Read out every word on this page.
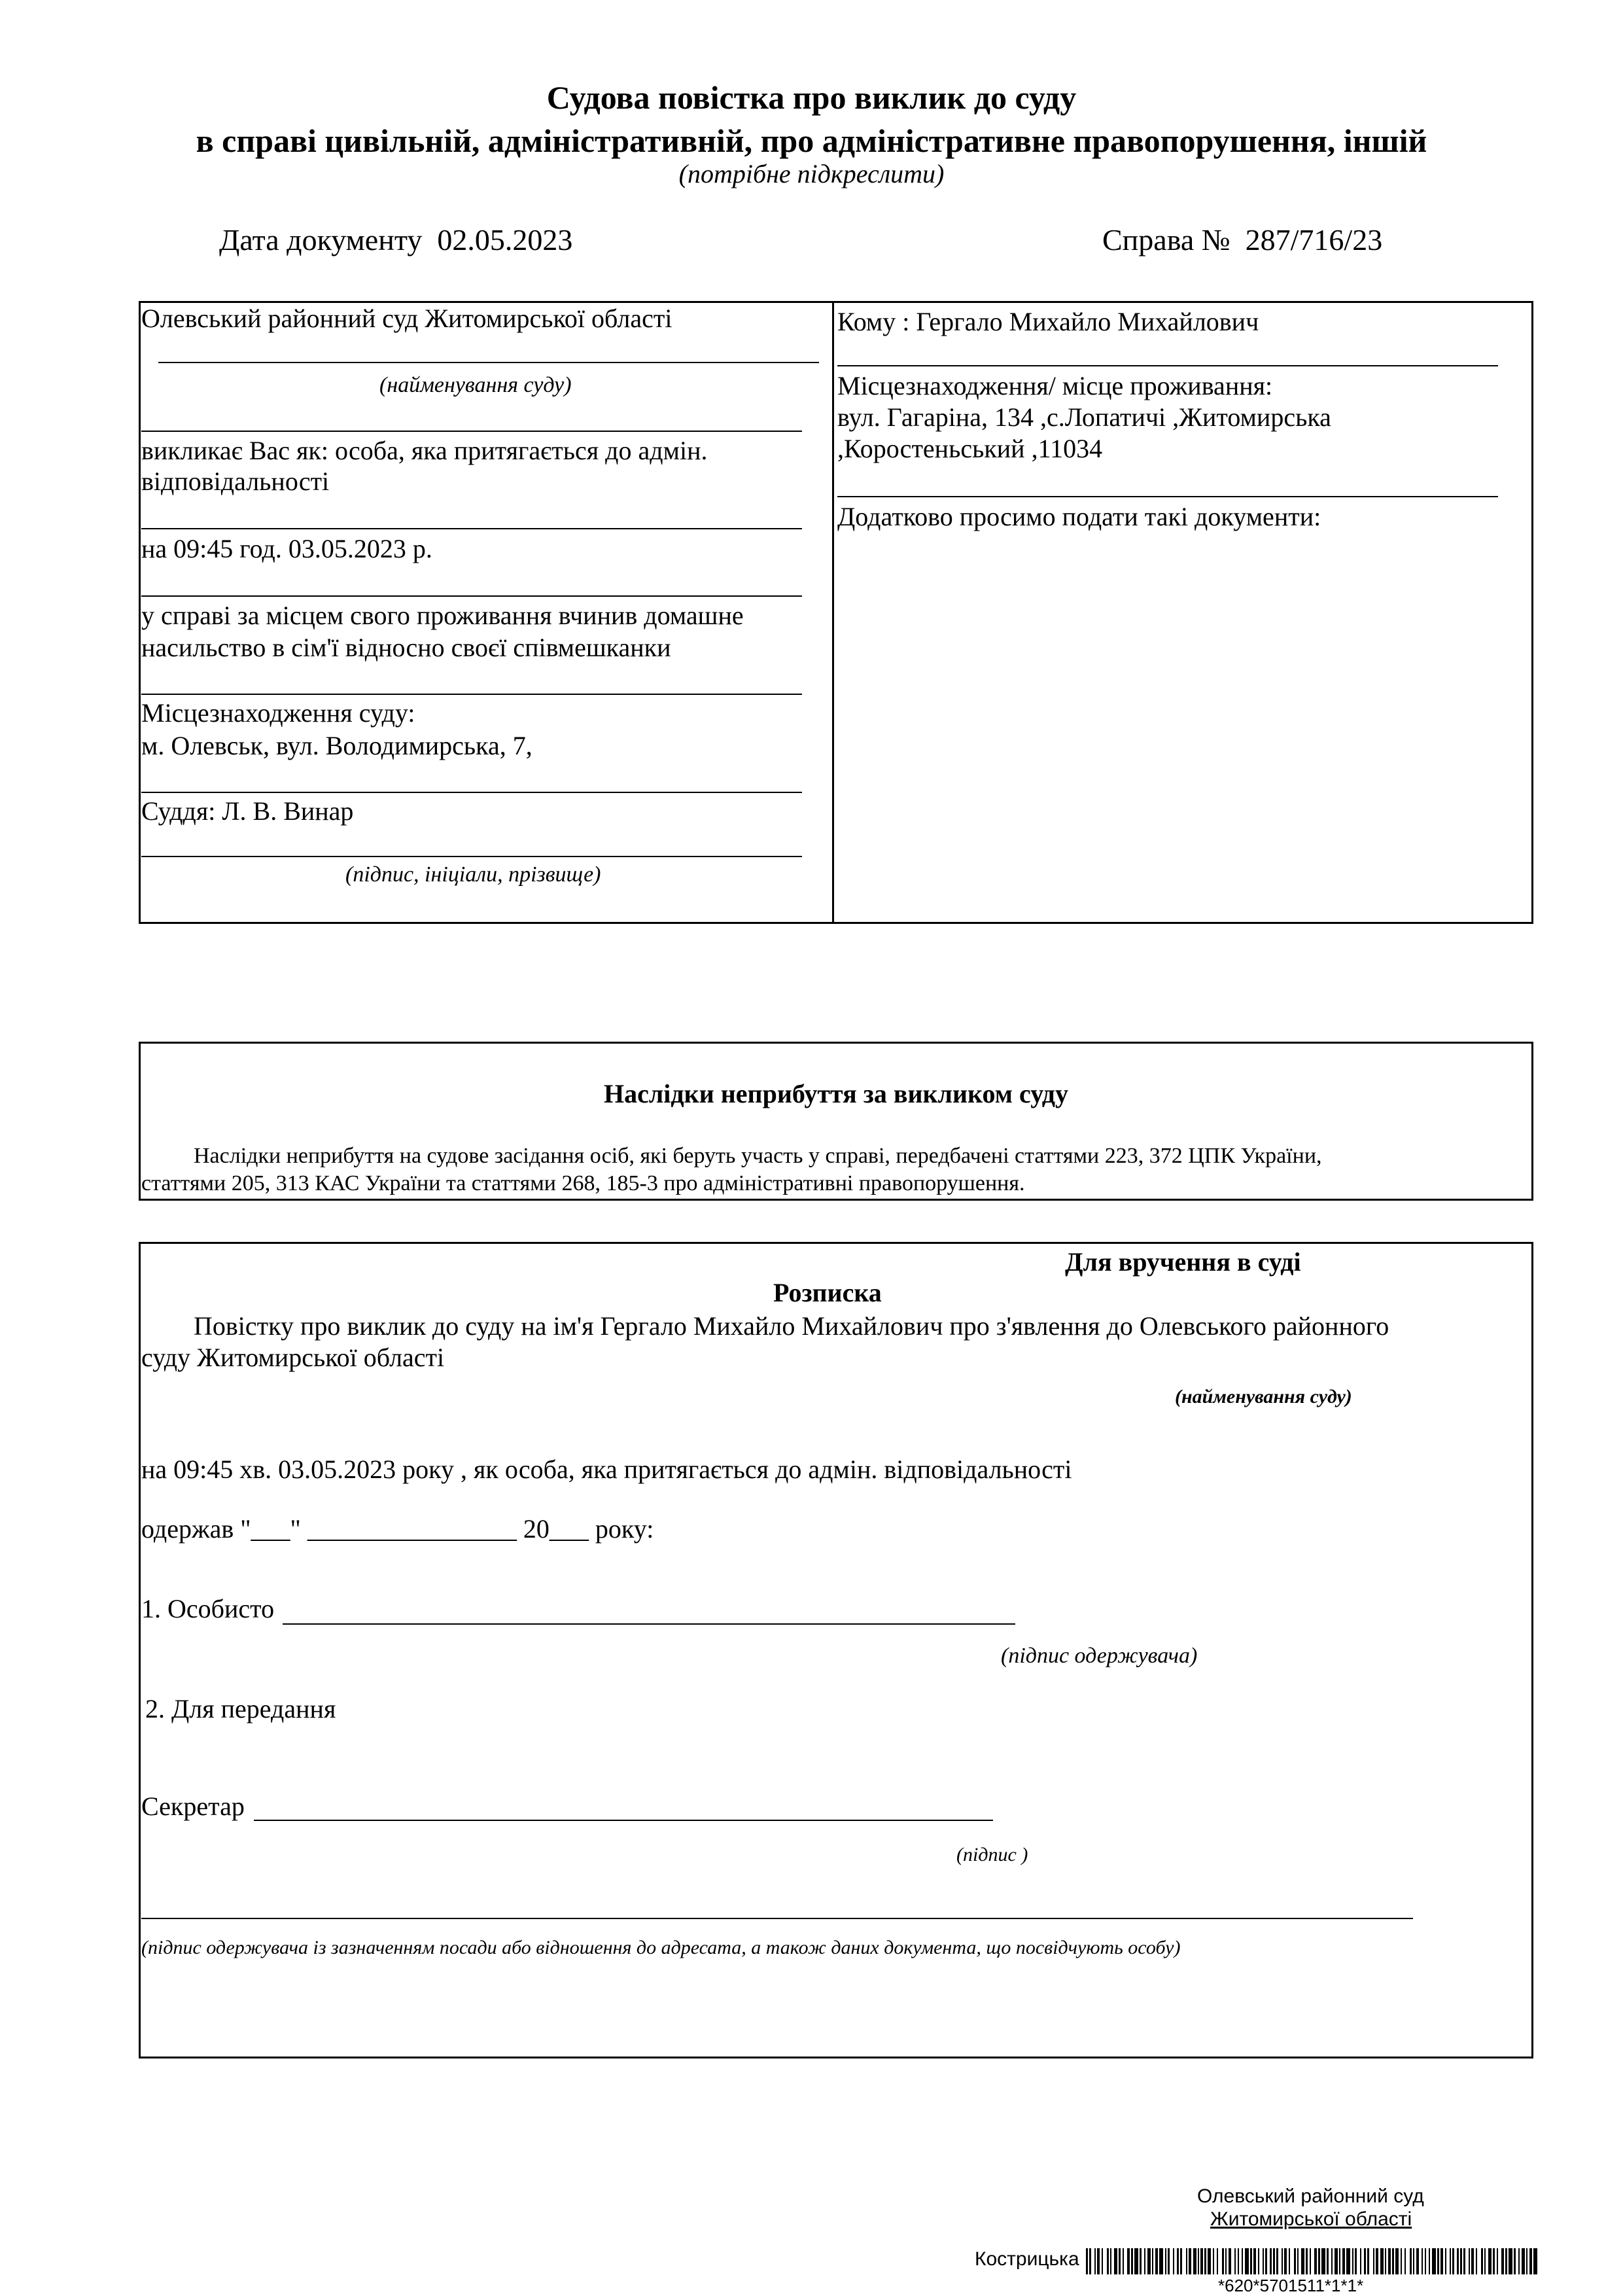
Судова повістка про виклик до суду
в справі цивільній, адміністративній, про адміністративне правопорушення, іншій
(потрібне підкреслити)
Дата документу 02.05.2023	Справа № 287/716/23
Олевський районний суд Житомирської області
(найменування суду)
викликає Вас як: особа, яка притягається до адмін.
відповідальності
на 09:45 год. 03.05.2023 р.
у справі за місцем свого проживання вчинив домашне
насильство в сім'ї відносно своєї співмешканки
Місцезнаходження суду:
м. Олевськ, вул. Володимирська, 7,
Суддя: Л. В. Винар
(підпис, ініціали, прізвище)
Кому : Гергало Михайло Михайлович
Місцезнаходження/ місце проживання:
вул. Гагаріна, 134 ,с.Лопатичі ,Житомирська
,Коростеньський ,11034
Додатково просимо подати такі документи:
Наслідки неприбуття за викликом суду
Наслідки неприбуття на судове засідання осіб, які беруть участь у справі, передбачені статтями 223, 372 ЦПК України,
статтями 205, 313 КАС України та статтями 268, 185-3 про адміністративні правопорушення.
Для вручення в суді
Розписка
Повістку про виклик до суду на ім'я Гергало Михайло Михайлович про з'явлення до Олевського районного
суду Житомирської області
(найменування суду)
на 09:45 хв. 03.05.2023 року , як особа, яка притягається до адмін. відповідальності
одержав "___" ________________ 20___ року:
1. Особисто
(підпис одержувача)
2. Для передання
Секретар
(підпис )
(підпис одержувача із зазначенням посади або відношення до адресата, а також даних документа, що посвідчують особу)
Олевський районний суд
Житомирської області
Кострицька
*620*5701511*1*1*
